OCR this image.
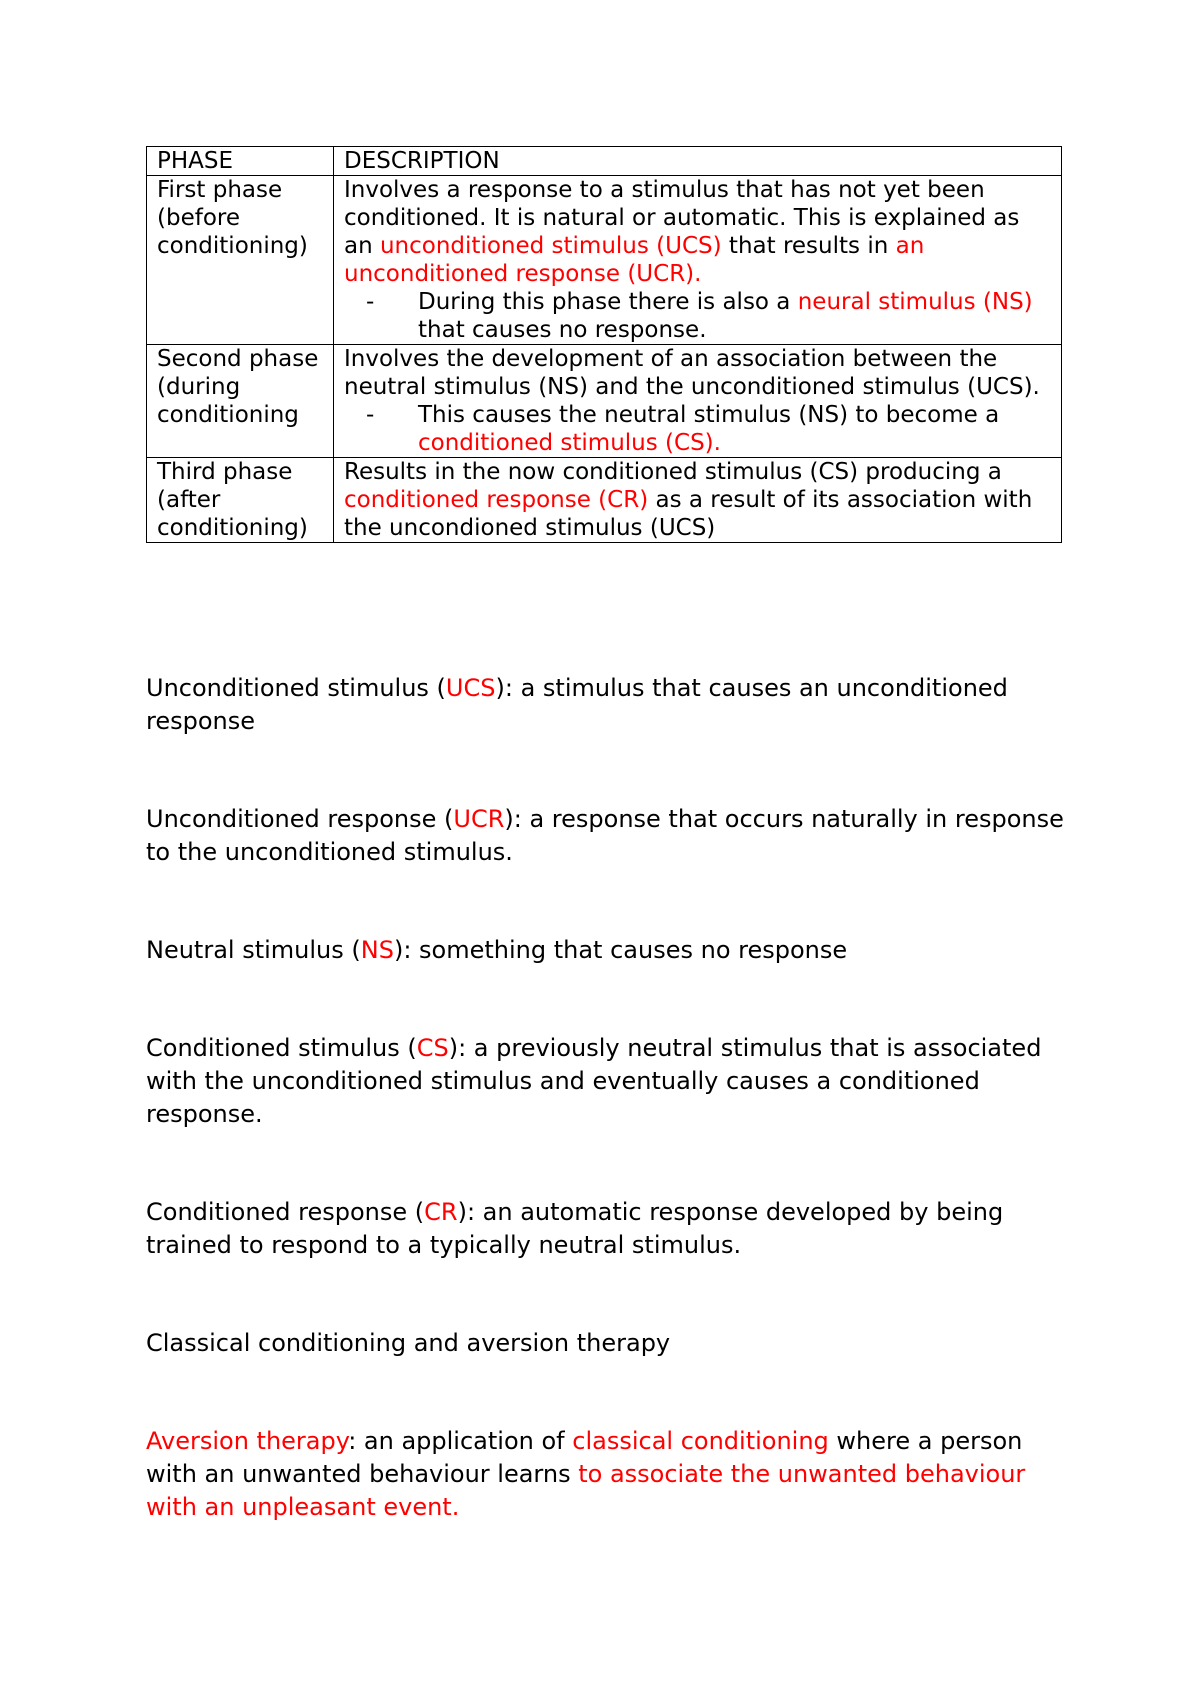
PHASE	DESCRIPTION
First phase (before conditioning)	Involves a response to a stimulus that has not yet been conditioned. It is natural or automatic. This is explained as an unconditioned stimulus (UCS) that results in an unconditioned response (UCR).
- During this phase there is also a neural stimulus (NS) that causes no response.

Second phase (during conditioning	Involves the development of an association between the neutral stimulus (NS) and the unconditioned stimulus (UCS).
- This causes the neutral stimulus (NS) to become a conditioned stimulus (CS).

Third phase (after conditioning)	Results in the now conditioned stimulus (CS) producing a conditioned response (CR) as a result of its association with the uncondioned stimulus (UCS)

Unconditioned stimulus (UCS): a stimulus that causes an unconditioned response

Unconditioned response (UCR): a response that occurs naturally in response to the unconditioned stimulus.

Neutral stimulus (NS): something that causes no response

Conditioned stimulus (CS): a previously neutral stimulus that is associated with the unconditioned stimulus and eventually causes a conditioned response.

Conditioned response (CR): an automatic response developed by being trained to respond to a typically neutral stimulus.

Classical conditioning and aversion therapy

Aversion therapy: an application of classical conditioning where a person with an unwanted behaviour learns to associate the unwanted behaviour with an unpleasant event.
